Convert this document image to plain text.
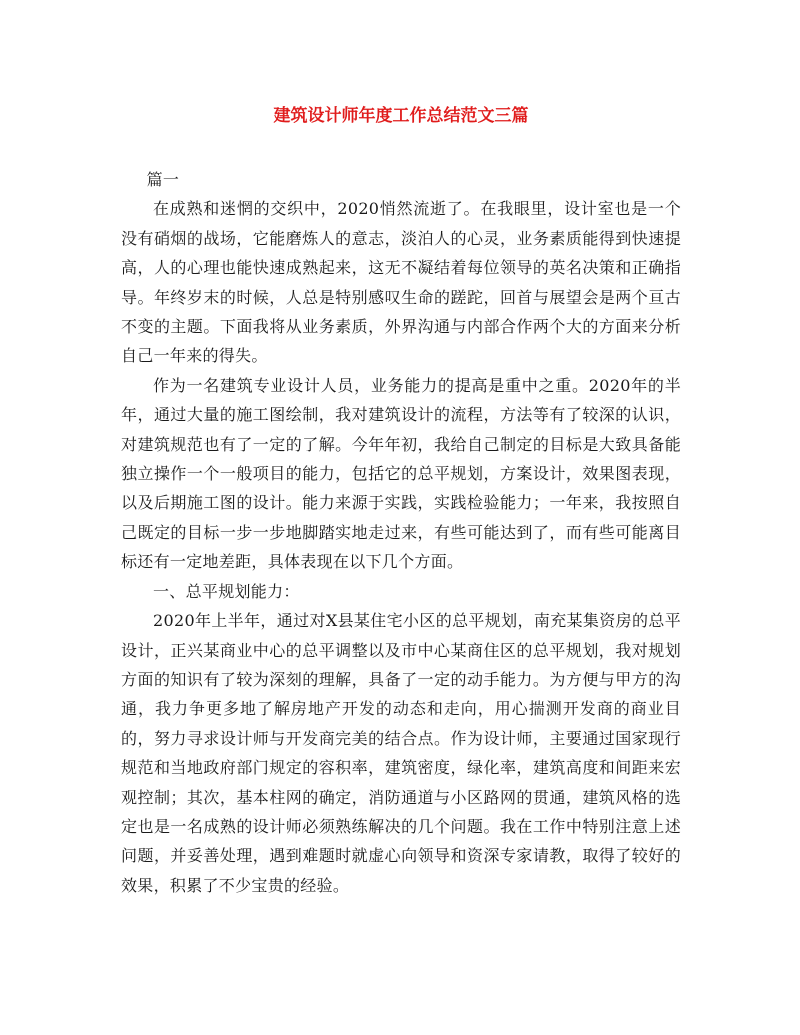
建筑设计师年度工作总结范文三篇

篇一

在成熟和迷惘的交织中，2020悄然流逝了。在我眼里，设计室也是一个没有硝烟的战场，它能磨炼人的意志，淡泊人的心灵，业务素质能得到快速提高，人的心理也能快速成熟起来，这无不凝结着每位领导的英名决策和正确指导。年终岁末的时候，人总是特别感叹生命的蹉跎，回首与展望会是两个亘古不变的主题。下面我将从业务素质，外界沟通与内部合作两个大的方面来分析自己一年来的得失。

作为一名建筑专业设计人员，业务能力的提高是重中之重。2020年的半年，通过大量的施工图绘制，我对建筑设计的流程，方法等有了较深的认识，对建筑规范也有了一定的了解。今年年初，我给自己制定的目标是大致具备能独立操作一个一般项目的能力，包括它的总平规划，方案设计，效果图表现，以及后期施工图的设计。能力来源于实践，实践检验能力；一年来，我按照自己既定的目标一步一步地脚踏实地走过来，有些可能达到了，而有些可能离目标还有一定地差距，具体表现在以下几个方面。

一、总平规划能力：

2020年上半年，通过对X县某住宅小区的总平规划，南充某集资房的总平设计，正兴某商业中心的总平调整以及市中心某商住区的总平规划，我对规划方面的知识有了较为深刻的理解，具备了一定的动手能力。为方便与甲方的沟通，我力争更多地了解房地产开发的动态和走向，用心揣测开发商的商业目的，努力寻求设计师与开发商完美的结合点。作为设计师，主要通过国家现行规范和当地政府部门规定的容积率，建筑密度，绿化率，建筑高度和间距来宏观控制；其次，基本柱网的确定，消防通道与小区路网的贯通，建筑风格的选定也是一名成熟的设计师必须熟练解决的几个问题。我在工作中特别注意上述问题，并妥善处理，遇到难题时就虚心向领导和资深专家请教，取得了较好的效果，积累了不少宝贵的经验。
